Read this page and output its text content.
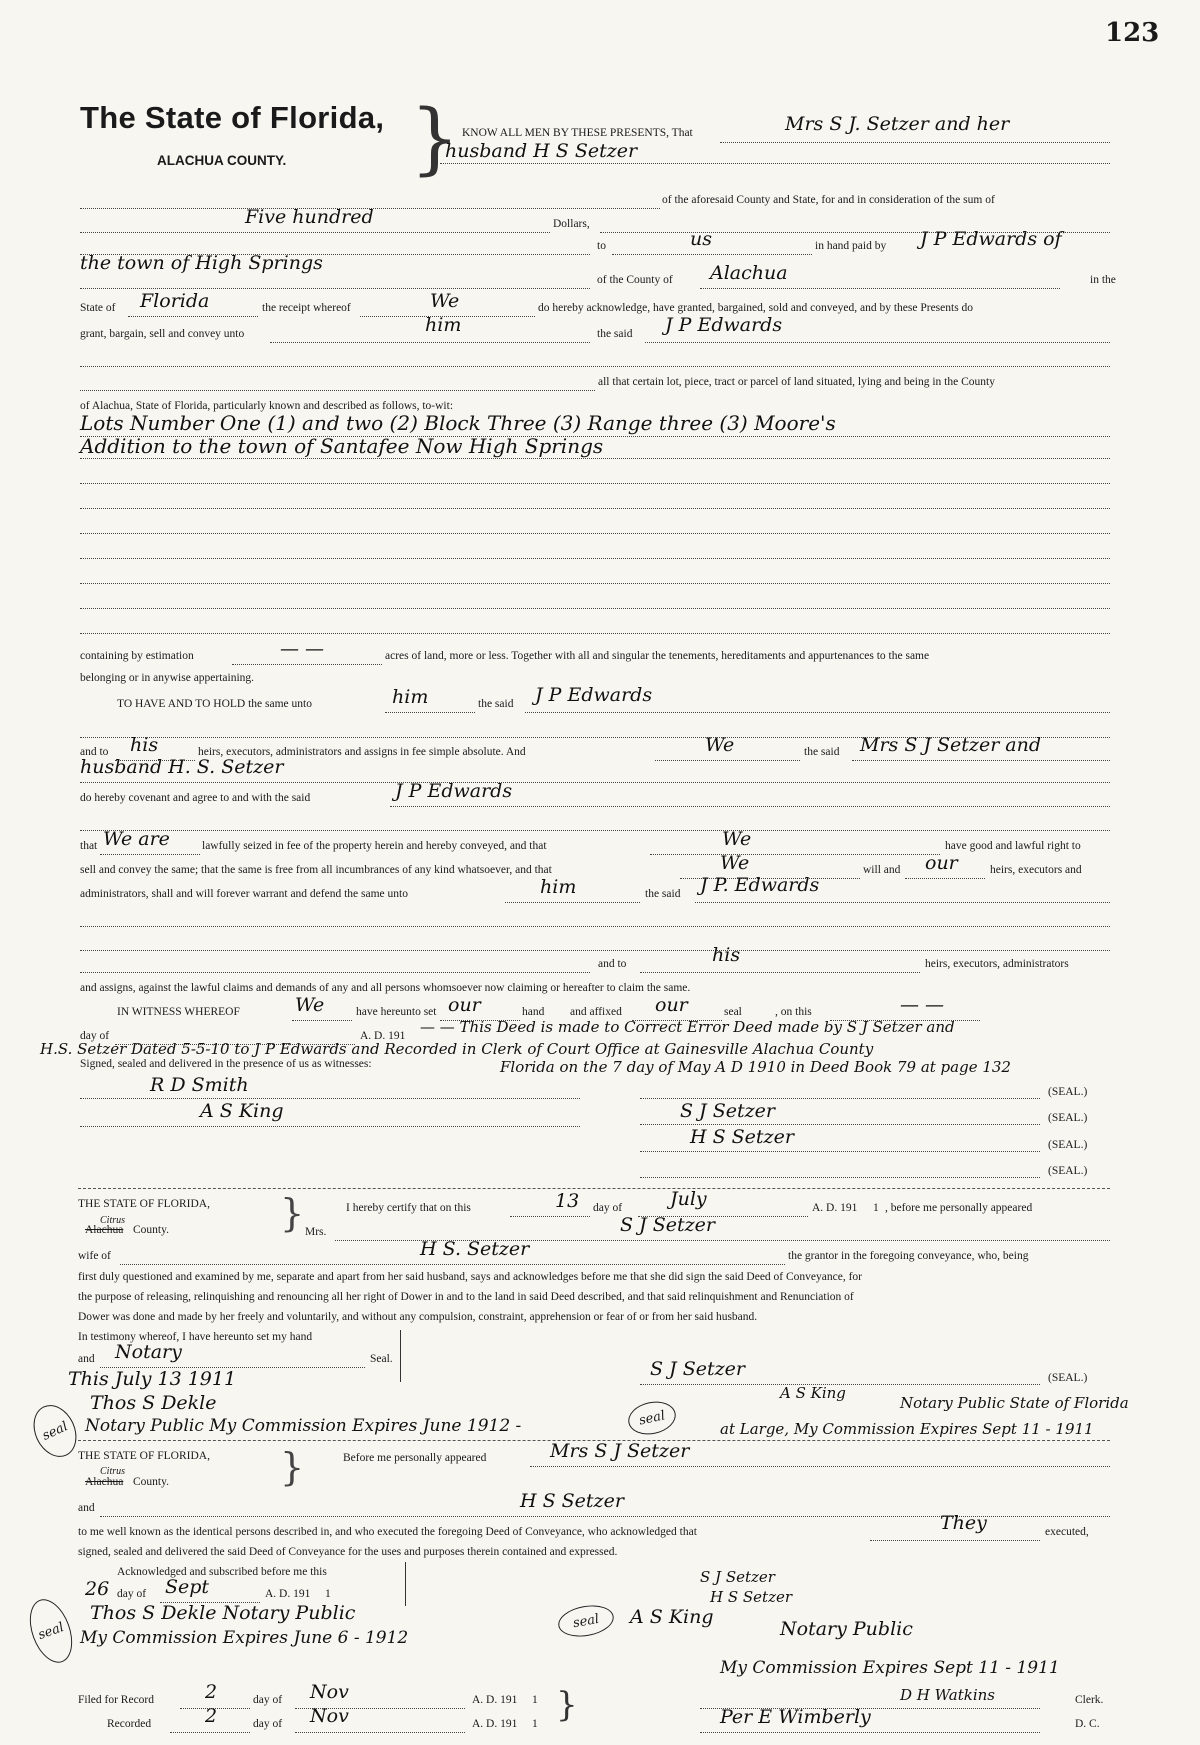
123
The State of Florida,
ALACHUA COUNTY. } KNOW ALL MEN BY THESE PRESENTS, That	Mrs S J. Setzer and her
husband H S Setzer
of the aforesaid County and State, for and in consideration of the sum of
Five hundred	Dollars,
to	us	in hand paid by J P Edwards of
the town of High Springs
of the County of Alachua	in the
State of Florida	the receipt whereof	We	do hereby acknowledge, have granted, bargained, sold and conveyed, and by these Presents do
grant, bargain, sell and convey unto	him	the said J P Edwards
all that certain lot, piece, tract or parcel of land situated, lying and being in the County
of Alachua, State of Florida, particularly known and described as follows, to-wit:
Lots Number One (1) and two (2) Block Three (3) Range three (3) Moore's
Addition to the town of Santafee Now High Springs
containing by estimation	— —	acres of land, more or less. Together with all and singular the tenements, hereditaments and appurtenances to the same
belonging or in anywise appertaining.
TO HAVE AND TO HOLD the same unto	him	the said J P Edwards
and to his	heirs, executors, administrators and assigns in fee simple absolute. And	We	the said Mrs S J Setzer and
husband H. S. Setzer
do hereby covenant and agree to and with the said	J P Edwards
that We are	lawfully seized in fee of the property herein and hereby conveyed, and that	We	have good and lawful right to
sell and convey the same; that the same is free from all incumbrances of any kind whatsoever, and that	We	will and our	heirs, executors and
administrators, shall and will forever warrant and defend the same unto	him	the said J P. Edwards
and to	his	heirs, executors, administrators
and assigns, against the lawful claims and demands of any and all persons whomsoever now claiming or hereafter to claim the same.
IN WITNESS WHEREOF	We	have hereunto set our	hand and affixed our	seal	, on this	— —
day of	A. D. 191 — — This Deed is made to Correct Error Deed made by S J Setzer and
H.S. Setzer Dated 5-5-10 to J P Edwards and Recorded in Clerk of Court Office at Gainesville Alachua County
Signed, sealed and delivered in the presence of us as witnesses:	Florida on the 7 day of May A D 1910 in Deed Book 79 at page 132
R D Smith
A S King
(SEAL.)
S J Setzer	(SEAL.)
H S Setzer	(SEAL.)
(SEAL.)
THE STATE OF FLORIDA,
Citrus
Alachua County.	}	I hereby certify that on this	13 day of	July	A. D. 191 1 , before me personally appeared
Mrs.	S J Setzer
wife of	H S. Setzer	the grantor in the foregoing conveyance, who, being
first duly questioned and examined by me, separate and apart from her said husband, says and acknowledges before me that she did sign the said Deed of Conveyance, for
the purpose of releasing, relinquishing and renouncing all her right of Dower in and to the land in said Deed described, and that said relinquishment and Renunciation of
Dower was done and made by her freely and voluntarily, and without any compulsion, constraint, apprehension or fear of or from her said husband.
In testimony whereof, I have hereunto set my hand
and Notary	Seal.
This July 13 1911
Thos S Dekle
Notary Public My Commission Expires June 1912 -
seal
S J Setzer	(SEAL.)
A S King
Notary Public State of Florida
at Large, My Commission Expires Sept 11 - 1911
seal
THE STATE OF FLORIDA,
Citrus
Alachua County.	}	Before me personally appeared	Mrs S J Setzer
and	H S Setzer
to me well known as the identical persons described in, and who executed the foregoing Deed of Conveyance, who acknowledged that	They	executed,
signed, sealed and delivered the said Deed of Conveyance for the uses and purposes therein contained and expressed.
Acknowledged and subscribed before me this
26 day of Sept	A. D. 191 1
Thos S Dekle Notary Public
My Commission Expires June 6 - 1912
seal
S J Setzer
H S Setzer
seal	A S King
Notary Public
My Commission Expires Sept 11 - 1911
Filed for Record	2	day of Nov	A. D. 191 1 }
Recorded	2	day of Nov	A. D. 191 1
D H Watkins	Clerk.
Per E Wimberly	D. C.
